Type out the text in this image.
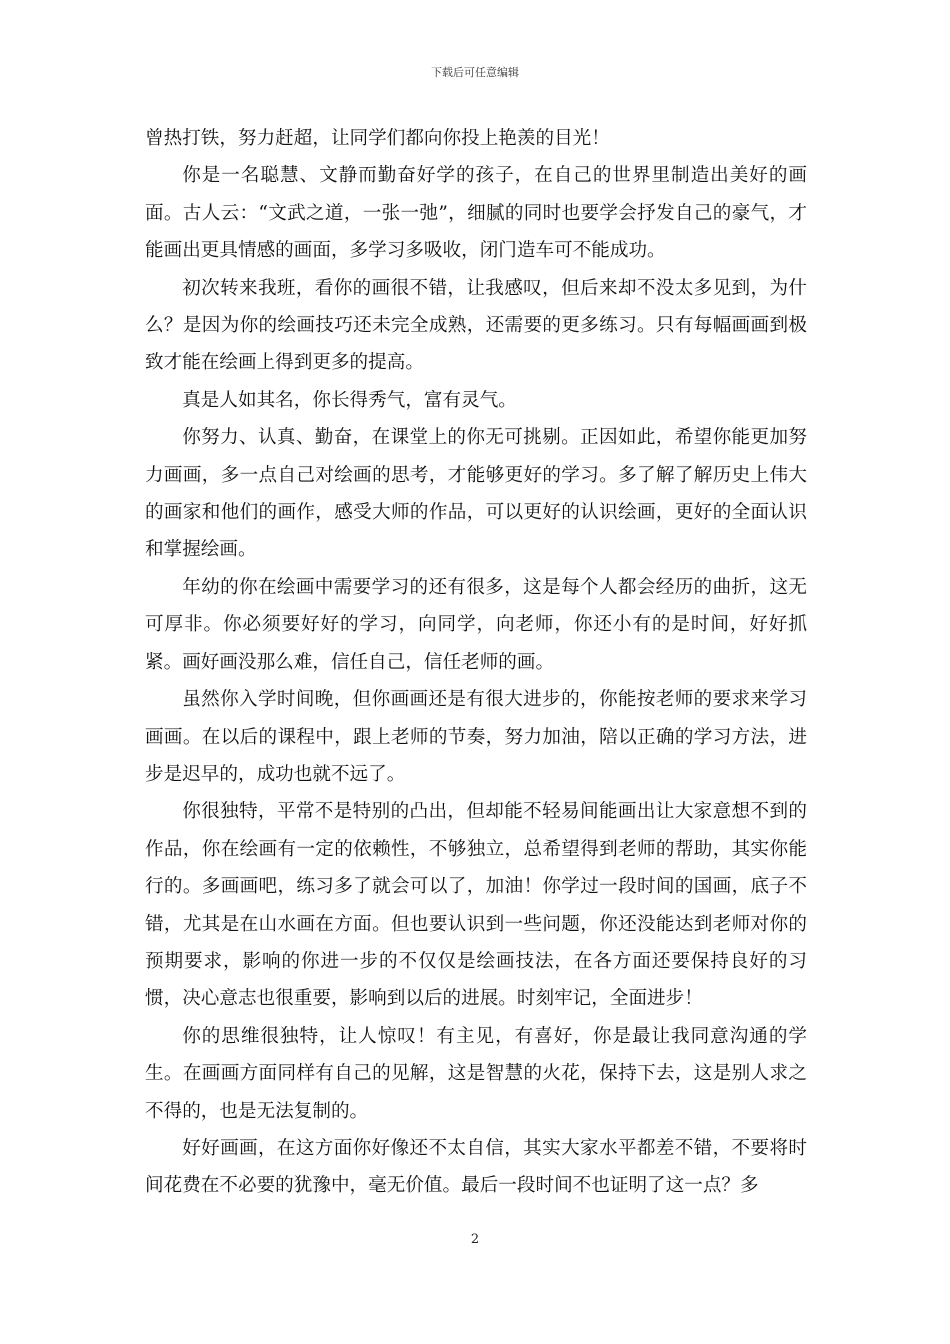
下载后可任意编辑

曾热打铁，努力赶超，让同学们都向你投上艳羡的目光！

你是一名聪慧、文静而勤奋好学的孩子，在自己的世界里制造出美好的画面。古人云：“文武之道，一张一弛”，细腻的同时也要学会抒发自己的豪气，才能画出更具情感的画面，多学习多吸收，闭门造车可不能成功。

初次转来我班，看你的画很不错，让我感叹，但后来却不没太多见到，为什么？是因为你的绘画技巧还未完全成熟，还需要的更多练习。只有每幅画画到极致才能在绘画上得到更多的提高。

真是人如其名，你长得秀气，富有灵气。

你努力、认真、勤奋，在课堂上的你无可挑剔。正因如此，希望你能更加努力画画，多一点自己对绘画的思考，才能够更好的学习。多了解了解历史上伟大的画家和他们的画作，感受大师的作品，可以更好的认识绘画，更好的全面认识和掌握绘画。

年幼的你在绘画中需要学习的还有很多，这是每个人都会经历的曲折，这无可厚非。你必须要好好的学习，向同学，向老师，你还小有的是时间，好好抓紧。画好画没那么难，信任自己，信任老师的画。

虽然你入学时间晚，但你画画还是有很大进步的，你能按老师的要求来学习画画。在以后的课程中，跟上老师的节奏，努力加油，陪以正确的学习方法，进步是迟早的，成功也就不远了。

你很独特，平常不是特别的凸出，但却能不轻易间能画出让大家意想不到的作品，你在绘画有一定的依赖性，不够独立，总希望得到老师的帮助，其实你能行的。多画画吧，练习多了就会可以了，加油！你学过一段时间的国画，底子不错，尤其是在山水画在方面。但也要认识到一些问题，你还没能达到老师对你的预期要求，影响的你进一步的不仅仅是绘画技法，在各方面还要保持良好的习惯，决心意志也很重要，影响到以后的进展。时刻牢记，全面进步！

你的思维很独特，让人惊叹！有主见，有喜好，你是最让我同意沟通的学生。在画画方面同样有自己的见解，这是智慧的火花，保持下去，这是别人求之不得的，也是无法复制的。

好好画画，在这方面你好像还不太自信，其实大家水平都差不错，不要将时间花费在不必要的犹豫中，毫无价值。最后一段时间不也证明了这一点？多

2
